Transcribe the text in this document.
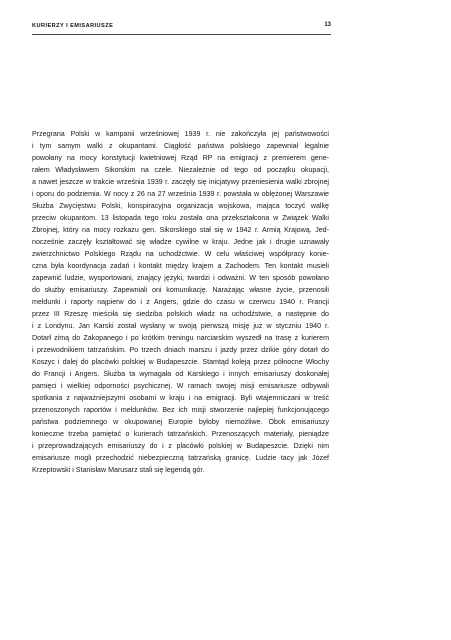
KURIERZY I EMISARIUSZE	13
Przegrana Polski w kampanii wrześniowej 1939 r. nie zakończyła jej państwowości
i tym samym walki z okupantami. Ciągłość państwa polskiego zapewniał legalnie
powołany na mocy konstytucji kwietniowej Rząd RP na emigracji z premierem gene-
rałem Władysławem Sikorskim na czele. Niezależnie od tego od początku okupacji,
a nawet jeszcze w trakcie września 1939 r. zaczęły się inicjatywy przeniesienia walki zbrojnej
i oporu do podziemia. W nocy z 26 na 27 września 1939 r. powstała w oblężonej Warszawie
Służba Zwycięstwu Polski, konspiracyjna organizacja wojskowa, mająca toczyć walkę
przeciw okupantom. 13 listopada tego roku została ona przekształcona w Związek Walki
Zbrojnej, który na mocy rozkazu gen. Sikorskiego stał się w 1942 r. Armią Krajową. Jed-
nocześnie zaczęły kształtować się władze cywilne w kraju. Jedne jak i drugie uznawały
zwierzchnictwo Polskiego Rządu na uchodźctwie. W celu właściwej współpracy konie-
czna była koordynacja zadań i kontakt między krajem a Zachodem. Ten kontakt musieli
zapewnić ludzie, wysportowani, znający języki, twardzi i odważni. W ten sposób powołano
do służby emisariuszy. Zapewniali oni komunikację. Narażając własne życie, przenosili
meldunki i raporty najpierw do i z Angers, gdzie do czasu w czerwcu 1940 r. Francji
przez III Rzeszę mieściła się siedziba polskich władz na uchodźstwie, a następnie do
i z Londynu. Jan Karski został wysłany w swoją pierwszą misję już w styczniu 1940 r.
Dotarł zimą do Zakopanego i po krótkim treningu narciarskim wyszedł na trasę z kurierem
i przewodnikiem tatrzańskim. Po trzech dniach marszu i jazdy przez dzikie góry dotarł do
Koszyc i dalej do placówki polskiej w Budapeszcie. Stamtąd koleją przez północne Włochy
do Francji i Angers. Służba ta wymagała od Karskiego i innych emisariuszy doskonałej
pamięci i wielkiej odporności psychicznej. W ramach swojej misji emisariusze odbywali
spotkania z najważniejszymi osobami w kraju i na emigracji. Byli wtajemniczani w treść
przenoszonych raportów i meldunków. Bez ich misji stworzenie najlepiej funkcjonującego
państwa podziemnego w okupowanej Europie byłoby niemożliwe. Obok emisariuszy
konieczne trzeba pamiętać o kurierach tatrzańskich. Przenoszących materiały, pieniądze
i przeprowadzających emisariuszy do i z placówki polskiej w Budapeszcie. Dzięki nim
emisariusze mogli przechodzić niebezpieczną tatrzańską granicę. Ludzie tacy jak Józef
Krzeptowski i Stanisław Marusarz stali się legendą gór.
